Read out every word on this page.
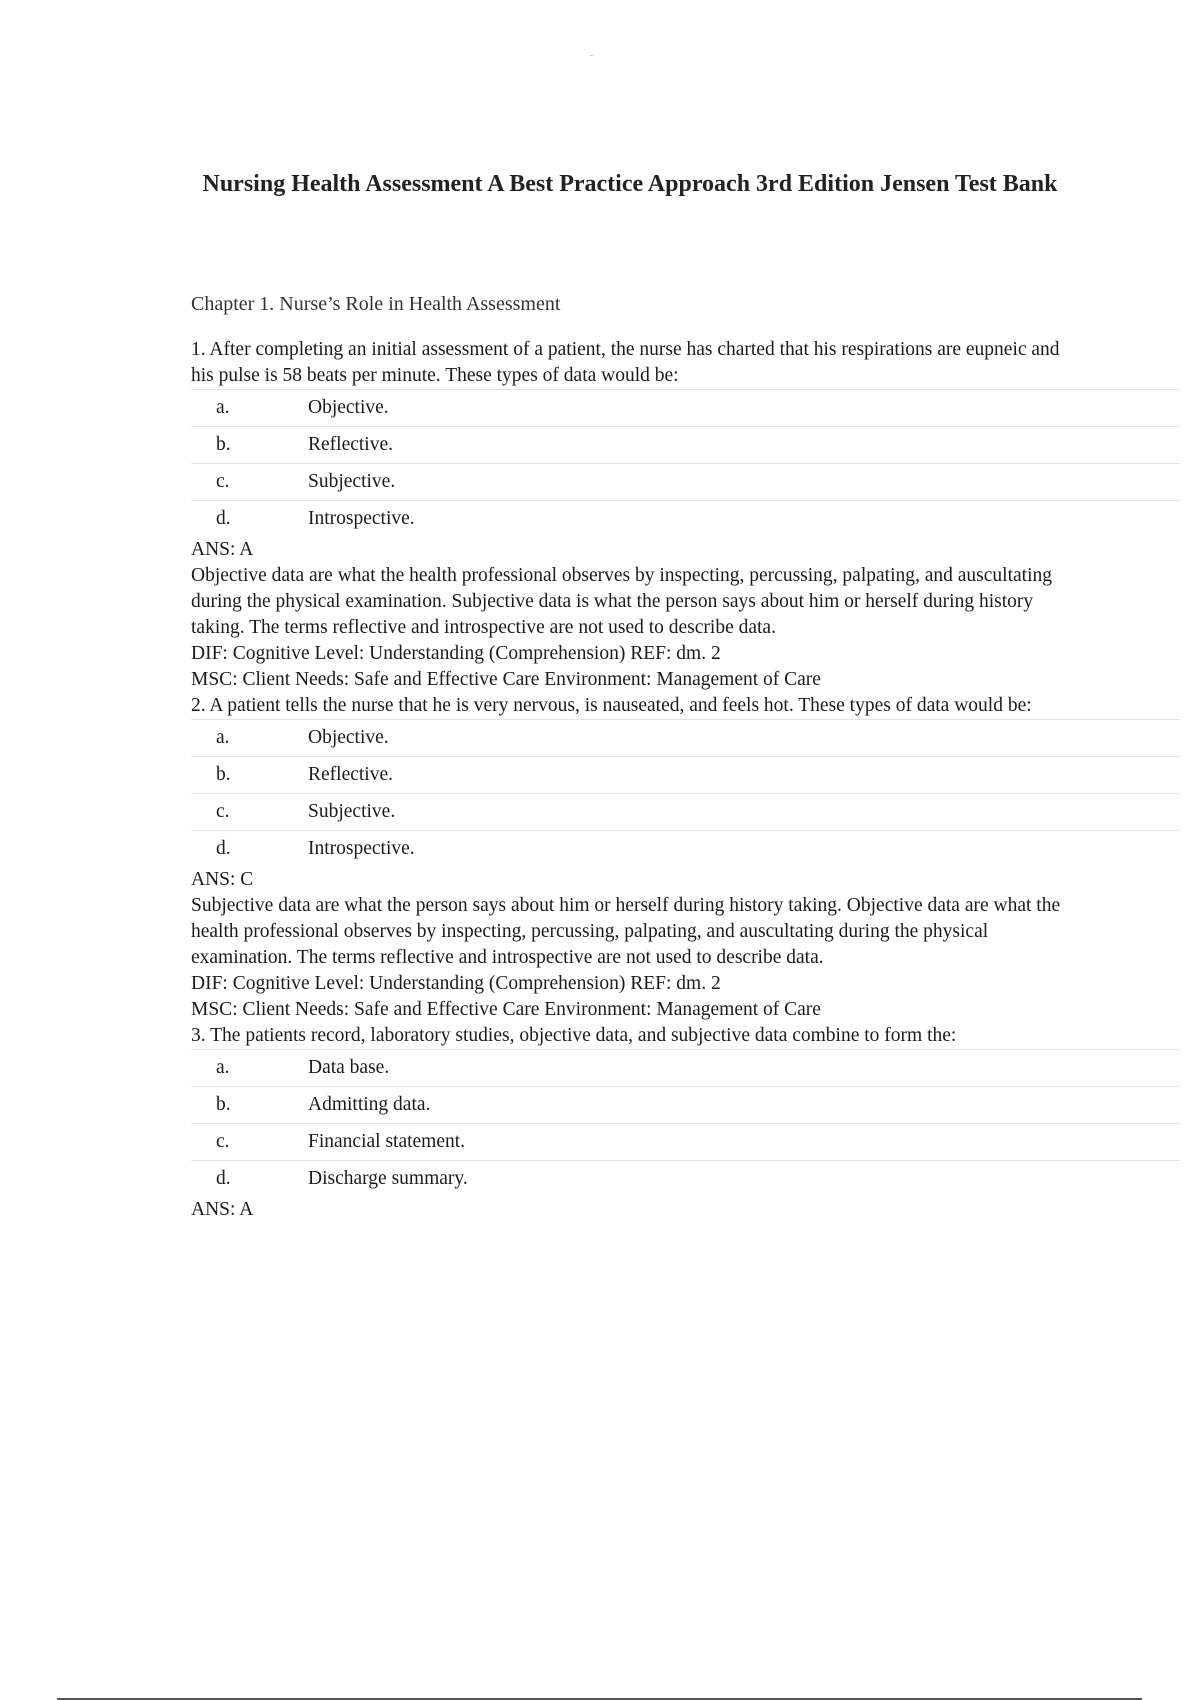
Nursing Health Assessment A Best Practice Approach 3rd Edition Jensen Test Bank
Chapter 1. Nurse’s Role in Health Assessment

1. After completing an initial assessment of a patient, the nurse has charted that his respirations are eupneic and his pulse is 58 beats per minute. These types of data would be:

a.	Objective.
b.	Reflective.
c.	Subjective.
d.	Introspective.

ANS: A

Objective data are what the health professional observes by inspecting, percussing, palpating, and auscultating during the physical examination. Subjective data is what the person says about him or herself during history taking. The terms reflective and introspective are not used to describe data.

DIF: Cognitive Level: Understanding (Comprehension) REF: dm. 2

MSC: Client Needs: Safe and Effective Care Environment: Management of Care

2. A patient tells the nurse that he is very nervous, is nauseated, and feels hot. These types of data would be:

a.	Objective.
b.	Reflective.
c.	Subjective.
d.	Introspective.

ANS: C

Subjective data are what the person says about him or herself during history taking. Objective data are what the health professional observes by inspecting, percussing, palpating, and auscultating during the physical examination. The terms reflective and introspective are not used to describe data.

DIF: Cognitive Level: Understanding (Comprehension) REF: dm. 2

MSC: Client Needs: Safe and Effective Care Environment: Management of Care

3. The patients record, laboratory studies, objective data, and subjective data combine to form the:

a.	Data base.
b.	Admitting data.
c.	Financial statement.
d.	Discharge summary.

ANS: A
